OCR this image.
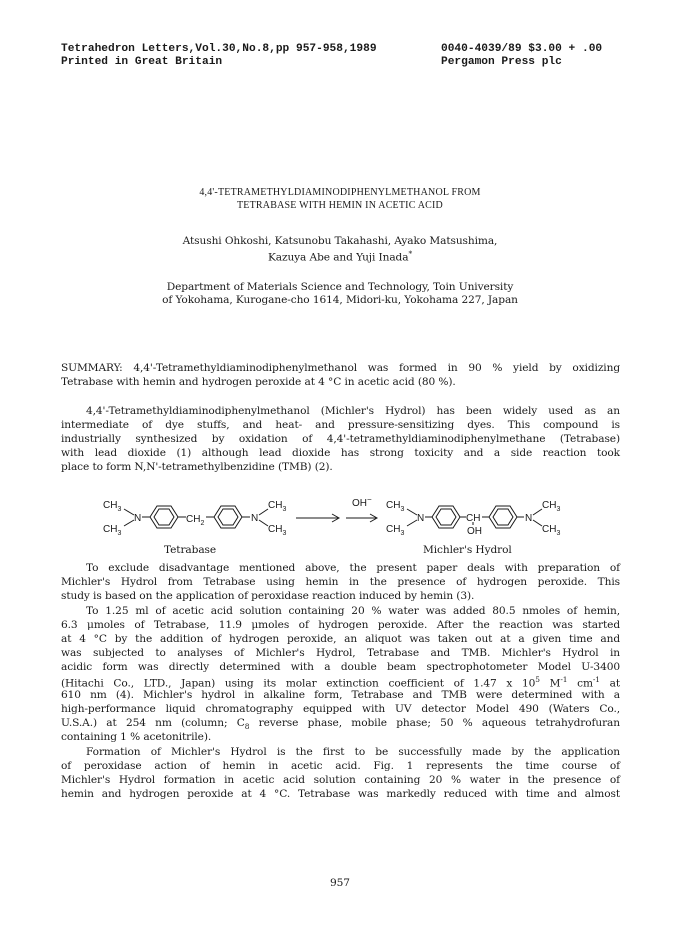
Tetrahedron Letters,Vol.30,No.8,pp 957-958,1989
Printed in Great Britain
0040-4039/89 $3.00 + .00
Pergamon Press plc
4,4'-TETRAMETHYLDIAMINODIPHENYLMETHANOL FROM
TETRABASE WITH HEMIN IN ACETIC ACID
Atsushi Ohkoshi, Katsunobu Takahashi, Ayako Matsushima,
Kazuya Abe and Yuji Inada*
Department of Materials Science and Technology, Toin University
of Yokohama, Kurogane-cho 1614, Midori-ku, Yokohama 227, Japan
SUMMARY: 4,4'-Tetramethyldiaminodiphenylmethanol was formed in 90 % yield by oxidizing
Tetrabase with hemin and hydrogen peroxide at 4 °C in acetic acid (80 %).
4,4'-Tetramethyldiaminodiphenylmethanol (Michler's Hydrol) has been widely used as an
intermediate of dye stuffs, and heat- and pressure-sensitizing dyes. This compound is
industrially synthesized by oxidation of 4,4'-tetramethyldiaminodiphenylmethane (Tetrabase)
with lead dioxide (1) although lead dioxide has strong toxicity and a side reaction took
place to form N,N'-tetramethylbenzidine (TMB) (2).
$CH_3$
$CH_3$
N	$CH_2$	N
$CH_3$
$CH_3$
OH−
$CH_3$
$CH_3$
N	CH
OH
N
$CH_3$
$CH_3$
Tetrabase	Michler's Hydrol
To exclude disadvantage mentioned above, the present paper deals with preparation of
Michler's Hydrol from Tetrabase using hemin in the presence of hydrogen peroxide. This
study is based on the application of peroxidase reaction induced by hemin (3).
To 1.25 ml of acetic acid solution containing 20 % water was added 80.5 nmoles of hemin,
6.3 μmoles of Tetrabase, 11.9 μmoles of hydrogen peroxide. After the reaction was started
at 4 °C by the addition of hydrogen peroxide, an aliquot was taken out at a given time and
was subjected to analyses of Michler's Hydrol, Tetrabase and TMB. Michler's Hydrol in
acidic form was directly determined with a double beam spectrophotometer Model U-3400
(Hitachi Co., LTD., Japan) using its molar extinction coefficient of 1.47 x $10^5$ $M^{-1}$ $cm^{-1}$ at
610 nm (4). Michler's hydrol in alkaline form, Tetrabase and TMB were determined with a
high-performance liquid chromatography equipped with UV detector Model 490 (Waters Co.,
U.S.A.) at 254 nm (column; $C_8$ reverse phase, mobile phase; 50 % aqueous tetrahydrofuran
containing 1 % acetonitrile).
Formation of Michler's Hydrol is the first to be successfully made by the application
of peroxidase action of hemin in acetic acid. Fig. 1 represents the time course of
Michler's Hydrol formation in acetic acid solution containing 20 % water in the presence of
hemin and hydrogen peroxide at 4 °C. Tetrabase was markedly reduced with time and almost
957
